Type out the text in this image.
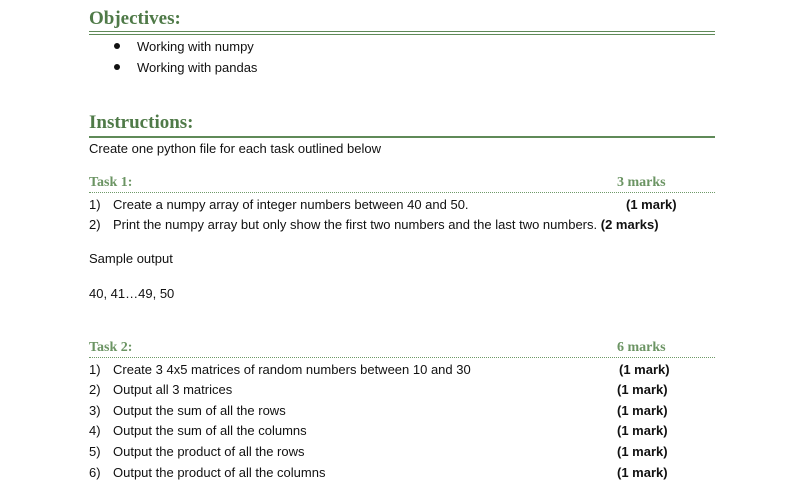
Objectives:
Working with numpy
Working with pandas
Instructions:
Create one python file for each task outlined below
Task 1:	3 marks
1) Create a numpy array of integer numbers between 40 and 50.	(1 mark)
2) Print the numpy array but only show the first two numbers and the last two numbers. (2 marks)
Sample output
40, 41…49, 50
Task 2:	6 marks
1) Create 3 4x5 matrices of random numbers between 10 and 30	(1 mark)
2) Output all 3 matrices	(1 mark)
3) Output the sum of all the rows	(1 mark)
4) Output the sum of all the columns	(1 mark)
5) Output the product of all the rows	(1 mark)
6) Output the product of all the columns	(1 mark)
